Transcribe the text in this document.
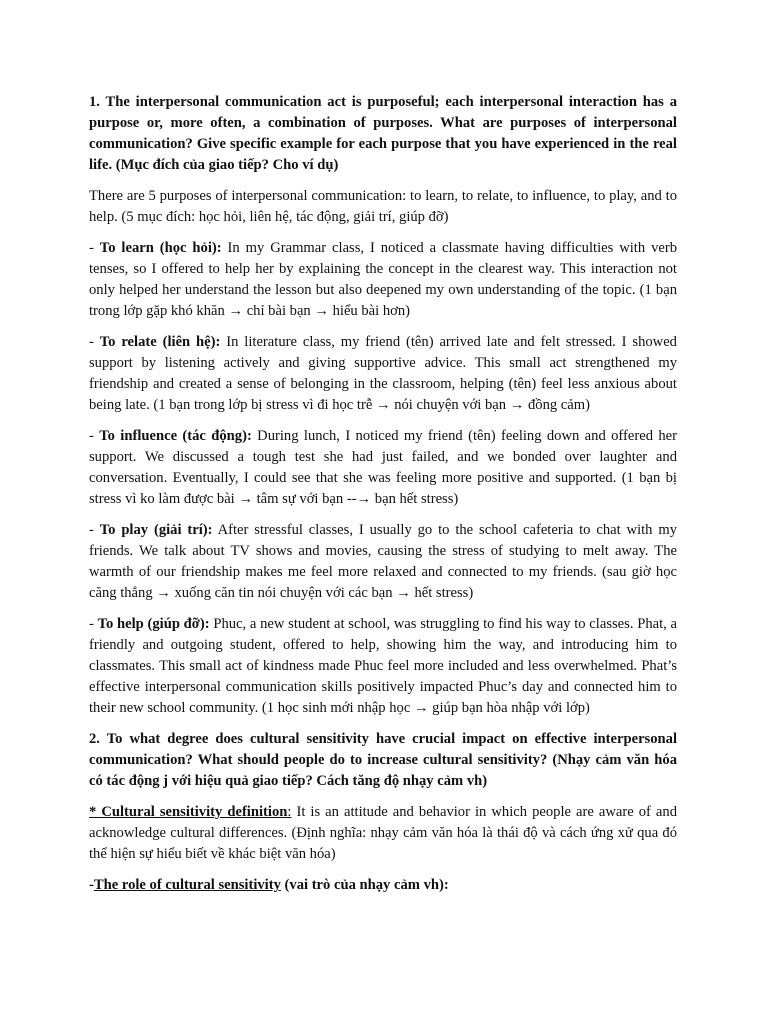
1. The interpersonal communication act is purposeful; each interpersonal interaction has a purpose or, more often, a combination of purposes. What are purposes of interpersonal communication? Give specific example for each purpose that you have experienced in the real life. (Mục đích của giao tiếp? Cho ví dụ)

There are 5 purposes of interpersonal communication: to learn, to relate, to influence, to play, and to help. (5 mục đích: học hỏi, liên hệ, tác động, giải trí, giúp đỡ)

- To learn (học hỏi): In my Grammar class, I noticed a classmate having difficulties with verb tenses, so I offered to help her by explaining the concept in the clearest way. This interaction not only helped her understand the lesson but also deepened my own understanding of the topic. (1 bạn trong lớp gặp khó khăn → chỉ bài bạn → hiểu bài hơn)

- To relate (liên hệ): In literature class, my friend (tên) arrived late and felt stressed. I showed support by listening actively and giving supportive advice. This small act strengthened my friendship and created a sense of belonging in the classroom, helping (tên) feel less anxious about being late. (1 bạn trong lớp bị stress vì đi học trễ → nói chuyện với bạn → đồng cảm)

- To influence (tác động): During lunch, I noticed my friend (tên) feeling down and offered her support. We discussed a tough test she had just failed, and we bonded over laughter and conversation. Eventually, I could see that she was feeling more positive and supported. (1 bạn bị stress vì ko làm được bài → tâm sự với bạn --→ bạn hết stress)

- To play (giải trí): After stressful classes, I usually go to the school cafeteria to chat with my friends. We talk about TV shows and movies, causing the stress of studying to melt away. The warmth of our friendship makes me feel more relaxed and connected to my friends. (sau giờ học căng thẳng → xuống căn tin nói chuyện với các bạn → hết stress)

- To help (giúp đỡ): Phuc, a new student at school, was struggling to find his way to classes. Phat, a friendly and outgoing student, offered to help, showing him the way, and introducing him to classmates. This small act of kindness made Phuc feel more included and less overwhelmed. Phat’s effective interpersonal communication skills positively impacted Phuc’s day and connected him to their new school community. (1 học sinh mới nhập học → giúp bạn hòa nhập với lớp)

2. To what degree does cultural sensitivity have crucial impact on effective interpersonal communication? What should people do to increase cultural sensitivity? (Nhạy cảm văn hóa có tác động j với hiệu quả giao tiếp? Cách tăng độ nhạy cảm vh)

* Cultural sensitivity definition: It is an attitude and behavior in which people are aware of and acknowledge cultural differences. (Định nghĩa: nhạy cảm văn hóa là thái độ và cách ứng xử qua đó thể hiện sự hiểu biết về khác biệt văn hóa)

-The role of cultural sensitivity (vai trò của nhạy cảm vh):
